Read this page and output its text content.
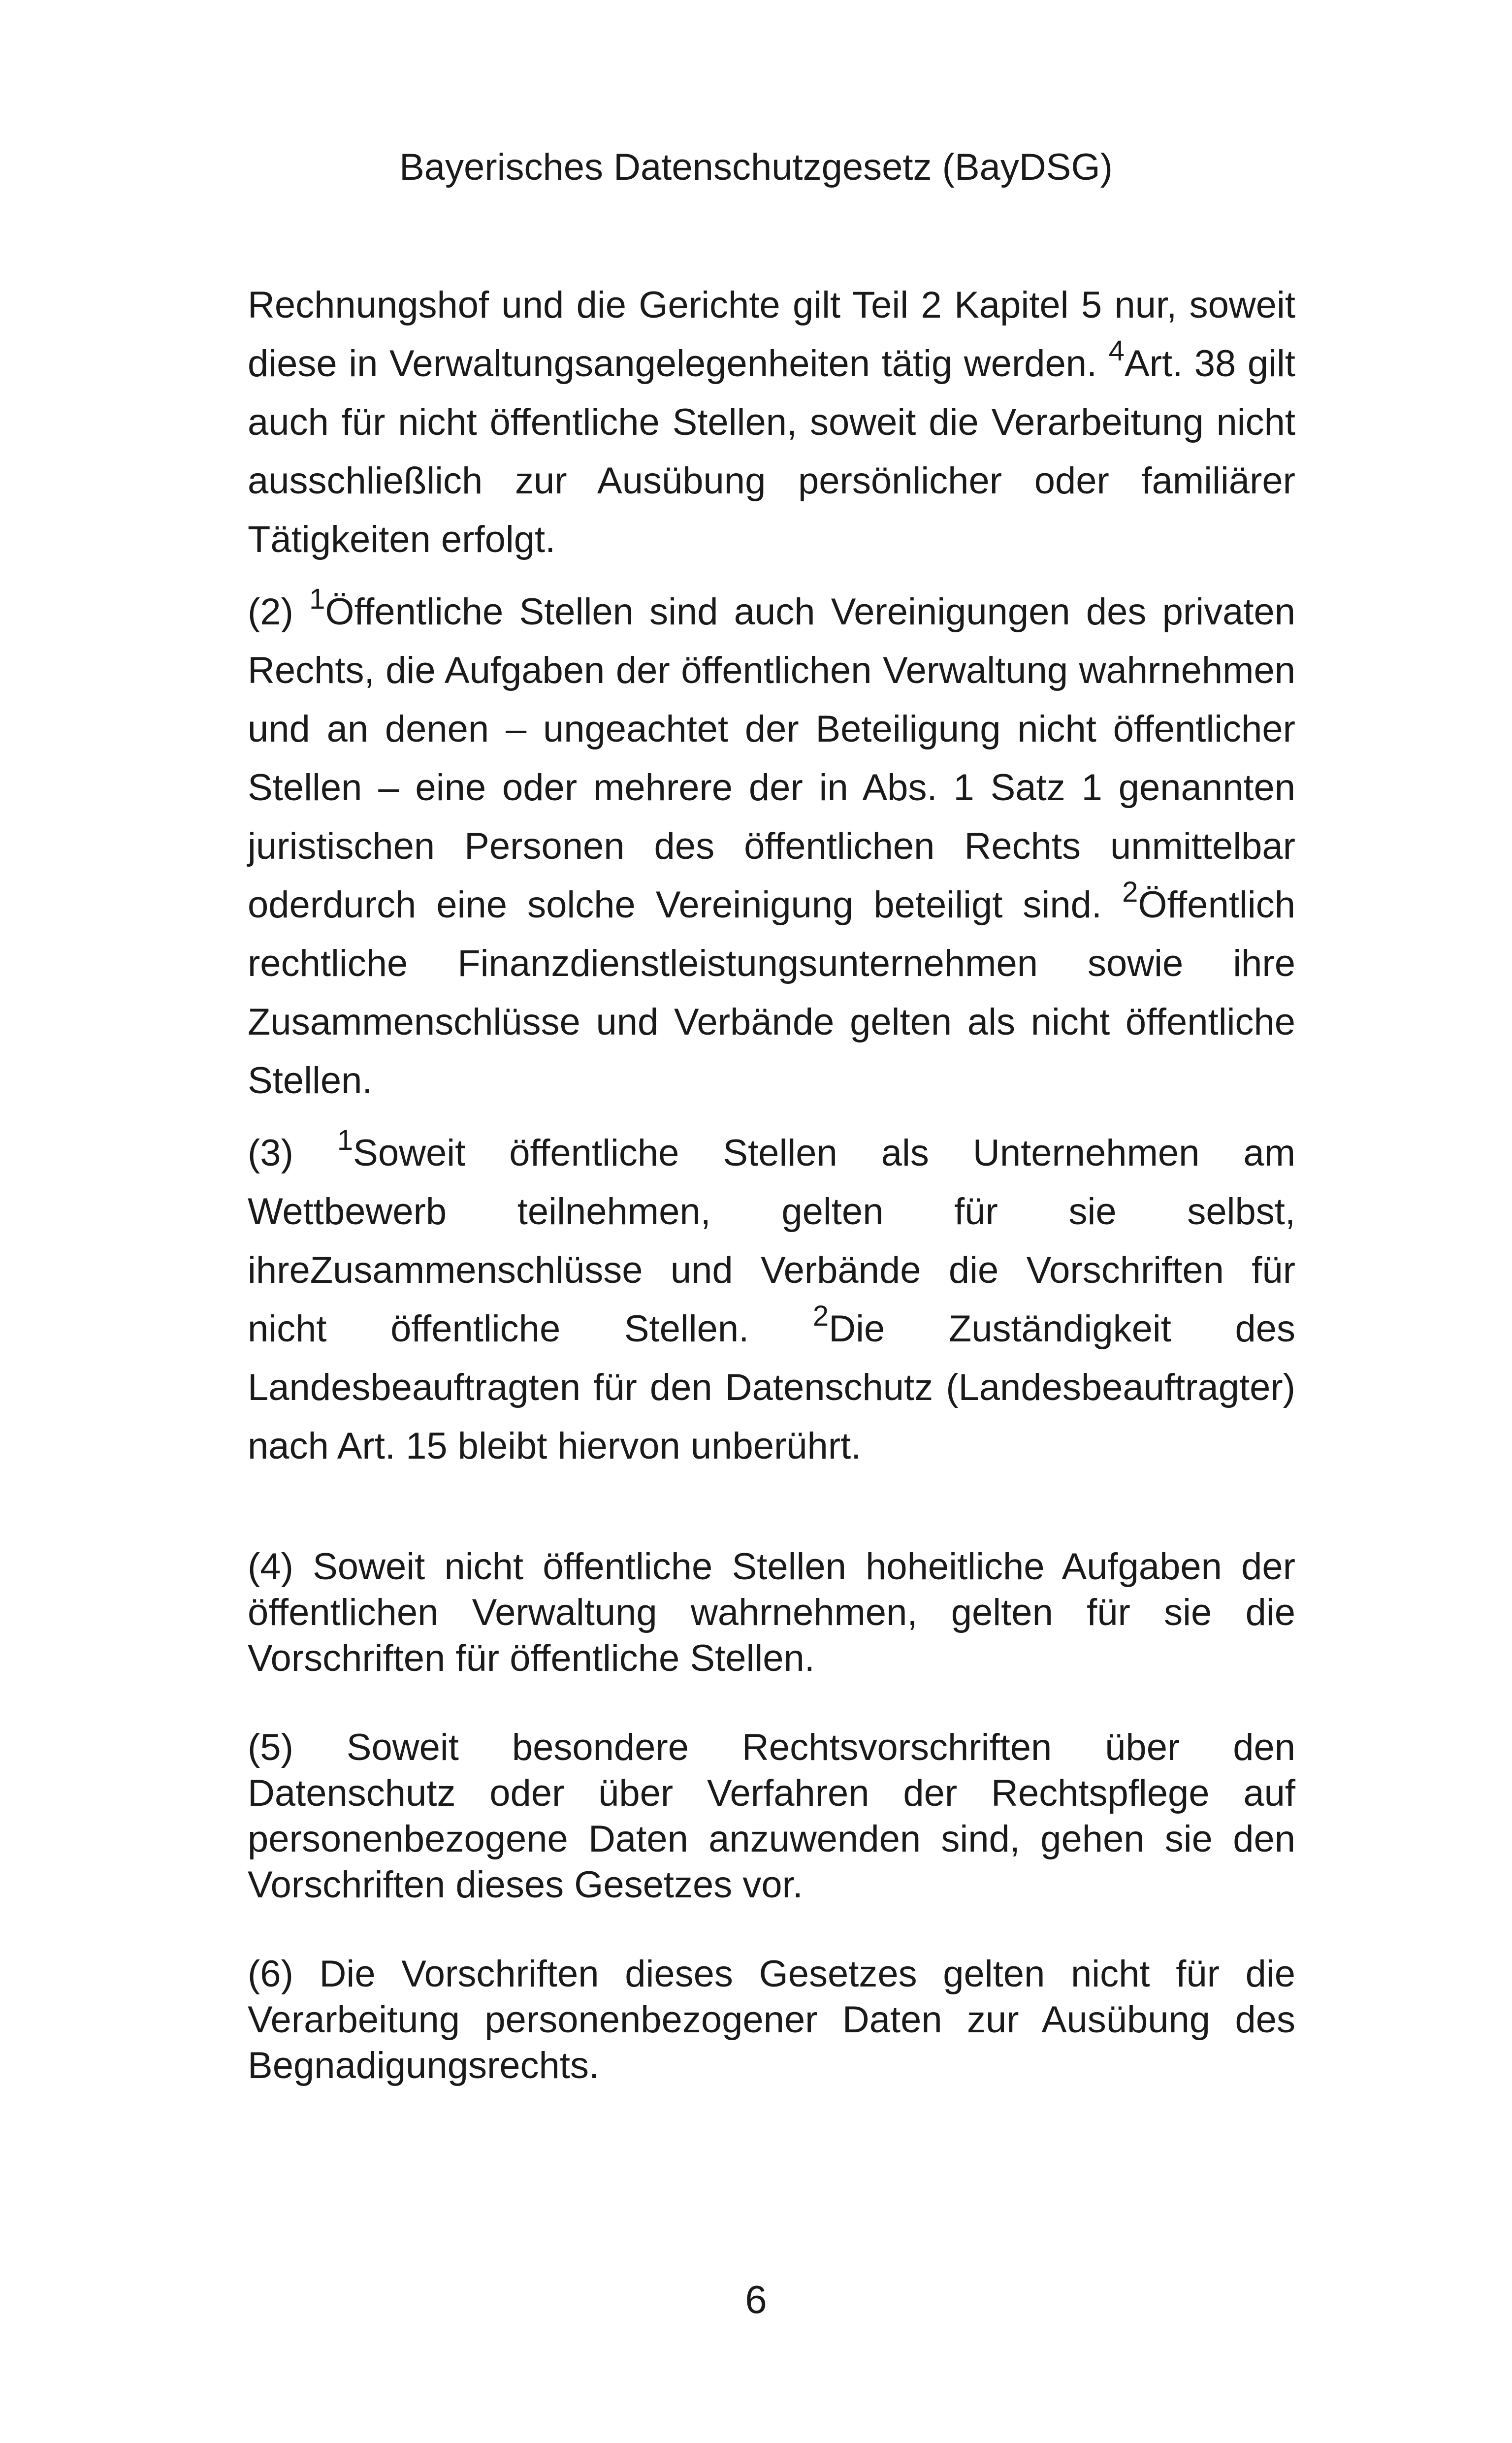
Bayerisches Datenschutzgesetz (BayDSG)

Rechnungshof und die Gerichte gilt Teil 2 Kapitel 5 nur, soweit diese in Verwaltungsangelegenheiten tätig werden. $^4$Art. 38 gilt auch für nicht öffentliche Stellen, soweit die Verarbeitung nicht ausschließlich zur Ausübung persönlicher oder familiärer Tätigkeiten erfolgt.

(2) $^1$Öffentliche Stellen sind auch Vereinigungen des privaten Rechts, die Aufgaben der öffentlichen Verwaltung wahrnehmen und an denen – ungeachtet der Beteiligung nicht öffentlicher Stellen – eine oder mehrere der in Abs. 1 Satz 1 genannten juristischen Personen des öffentlichen Rechts unmittelbar oderdurch eine solche Vereinigung beteiligt sind. $^2$Öffentlich rechtliche Finanzdienstleistungsunternehmen sowie ihre Zusammenschlüsse und Verbände gelten als nicht öffentliche Stellen.

(3) $^1$Soweit öffentliche Stellen als Unternehmen am Wettbewerb teilnehmen, gelten für sie selbst, ihreZusammenschlüsse und Verbände die Vorschriften für nicht öffentliche Stellen. $^2$Die Zuständigkeit des Landesbeauftragten für den Datenschutz (Landesbeauftragter) nach Art. 15 bleibt hiervon unberührt.

(4) Soweit nicht öffentliche Stellen hoheitliche Aufgaben der öffentlichen Verwaltung wahrnehmen, gelten für sie die Vorschriften für öffentliche Stellen.

(5) Soweit besondere Rechtsvorschriften über den Datenschutz oder über Verfahren der Rechtspflege auf personenbezogene Daten anzuwenden sind, gehen sie den Vorschriften dieses Gesetzes vor.

(6) Die Vorschriften dieses Gesetzes gelten nicht für die Verarbeitung personenbezogener Daten zur Ausübung des Begnadigungsrechts.

6
